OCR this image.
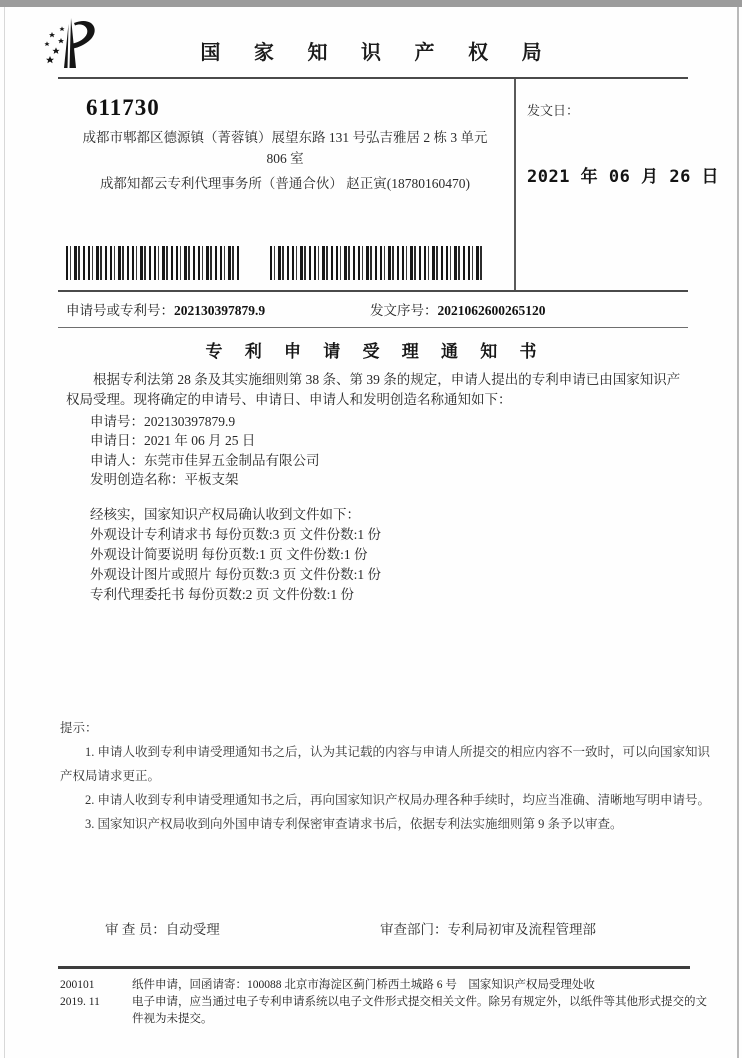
国 家 知 识 产 权 局
611730
成都市郫都区德源镇（菁蓉镇）展望东路 131 号弘吉雅居 2 栋 3 单元
806 室
成都知都云专利代理事务所（普通合伙） 赵正寅(18780160470)
发文日：
2021 年 06 月 26 日
申请号或专利号：202130397879.9	发文序号：2021062600265120
专 利 申 请 受 理 通 知 书

根据专利法第 28 条及其实施细则第 38 条、第 39 条的规定，申请人提出的专利申请已由国家知识产权局受理。现将确定的申请号、申请日、申请人和发明创造名称通知如下：

申请号：202130397879.9
申请日：2021 年 06 月 25 日
申请人：东莞市佳昇五金制品有限公司
发明创造名称：平板支架
经核实，国家知识产权局确认收到文件如下：
外观设计专利请求书 每份页数:3 页 文件份数:1 份
外观设计简要说明 每份页数:1 页 文件份数:1 份
外观设计图片或照片 每份页数:3 页 文件份数:1 份
专利代理委托书 每份页数:2 页 文件份数:1 份

提示：

1. 申请人收到专利申请受理通知书之后，认为其记载的内容与申请人所提交的相应内容不一致时，可以向国家知识产权局请求更正。

2. 申请人收到专利申请受理通知书之后，再向国家知识产权局办理各种手续时，均应当准确、清晰地写明申请号。

3. 国家知识产权局收到向外国申请专利保密审查请求书后，依据专利法实施细则第 9 条予以审查。

审 查 员：自动受理	审查部门：专利局初审及流程管理部
200101	纸件申请，回函请寄：100088 北京市海淀区蓟门桥西土城路 6 号　国家知识产权局受理处收
2019. 11	电子申请，应当通过电子专利申请系统以电子文件形式提交相关文件。除另有规定外，以纸件等其他形式提交的文件视为未提交。
